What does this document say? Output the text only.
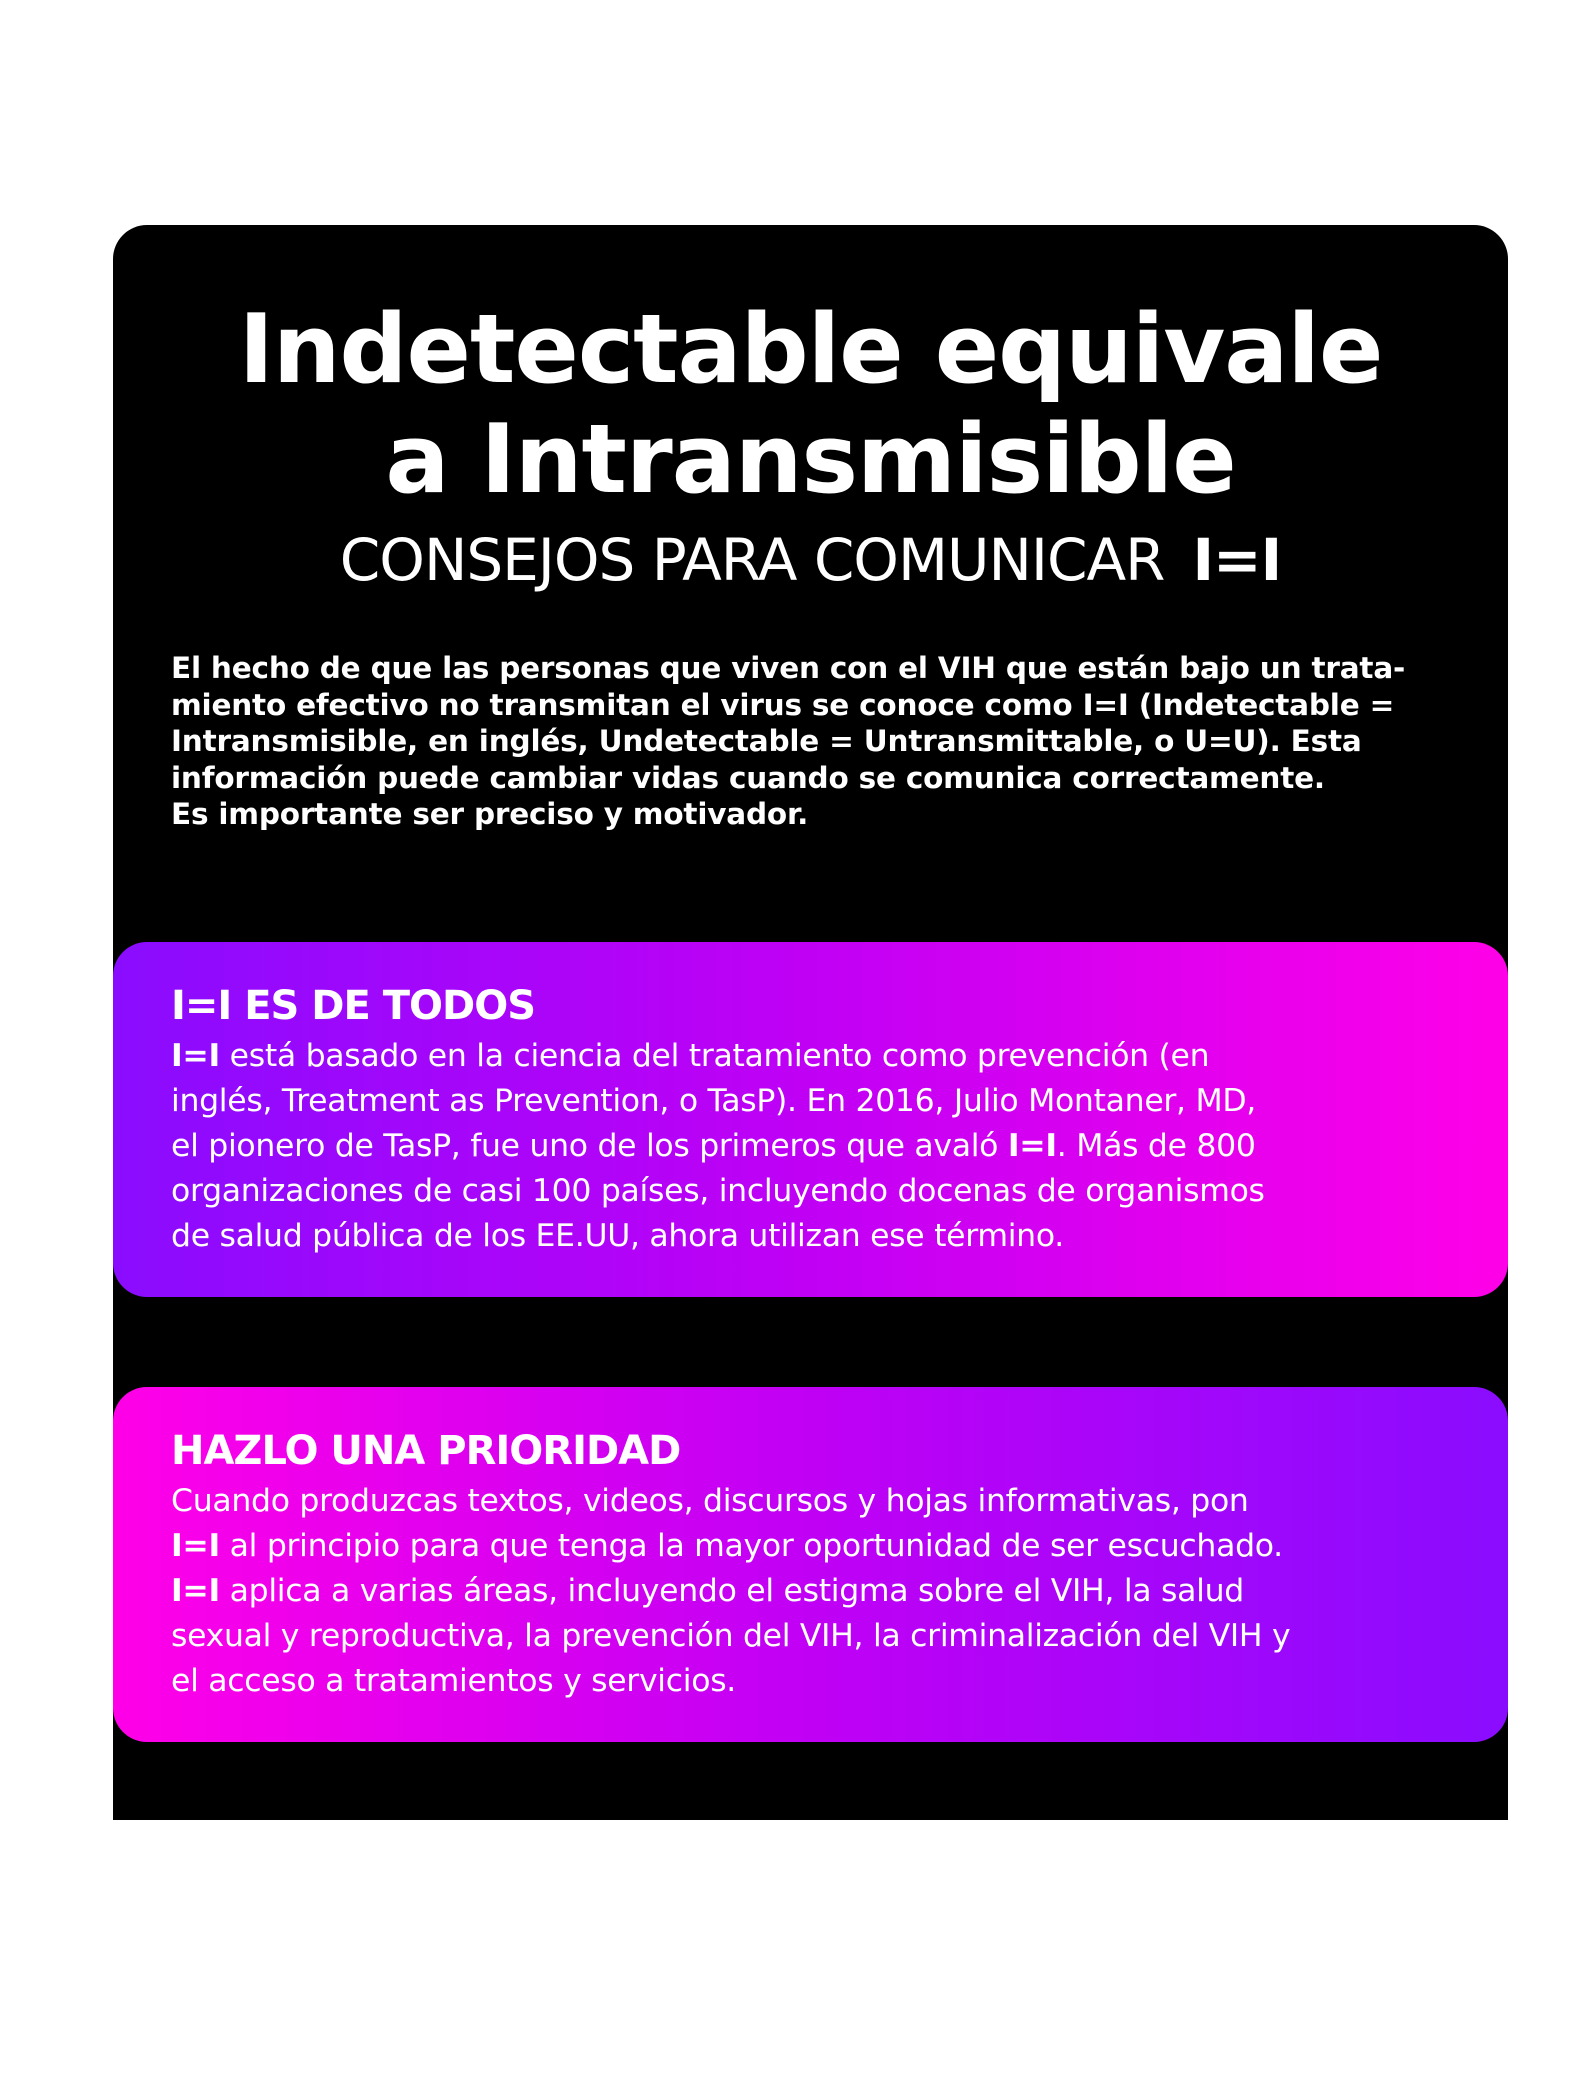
Indetectable equivale
a Intransmisible
CONSEJOS PARA COMUNICAR I=I
El hecho de que las personas que viven con el VIH que están bajo un trata-
miento efectivo no transmitan el virus se conoce como I=I (Indetectable =
Intransmisible, en inglés, Undetectable = Untransmittable, o U=U). Esta
información puede cambiar vidas cuando se comunica correctamente.
Es importante ser preciso y motivador.
I=I ES DE TODOS
I=I está basado en la ciencia del tratamiento como prevención (en
inglés, Treatment as Prevention, o TasP). En 2016, Julio Montaner, MD,
el pionero de TasP, fue uno de los primeros que avaló I=I. Más de 800
organizaciones de casi 100 países, incluyendo docenas de organismos
de salud pública de los EE.UU, ahora utilizan ese término.
HAZLO UNA PRIORIDAD
Cuando produzcas textos, videos, discursos y hojas informativas, pon
I=I al principio para que tenga la mayor oportunidad de ser escuchado.
I=I aplica a varias áreas, incluyendo el estigma sobre el VIH, la salud
sexual y reproductiva, la prevención del VIH, la criminalización del VIH y
el acceso a tratamientos y servicios.
